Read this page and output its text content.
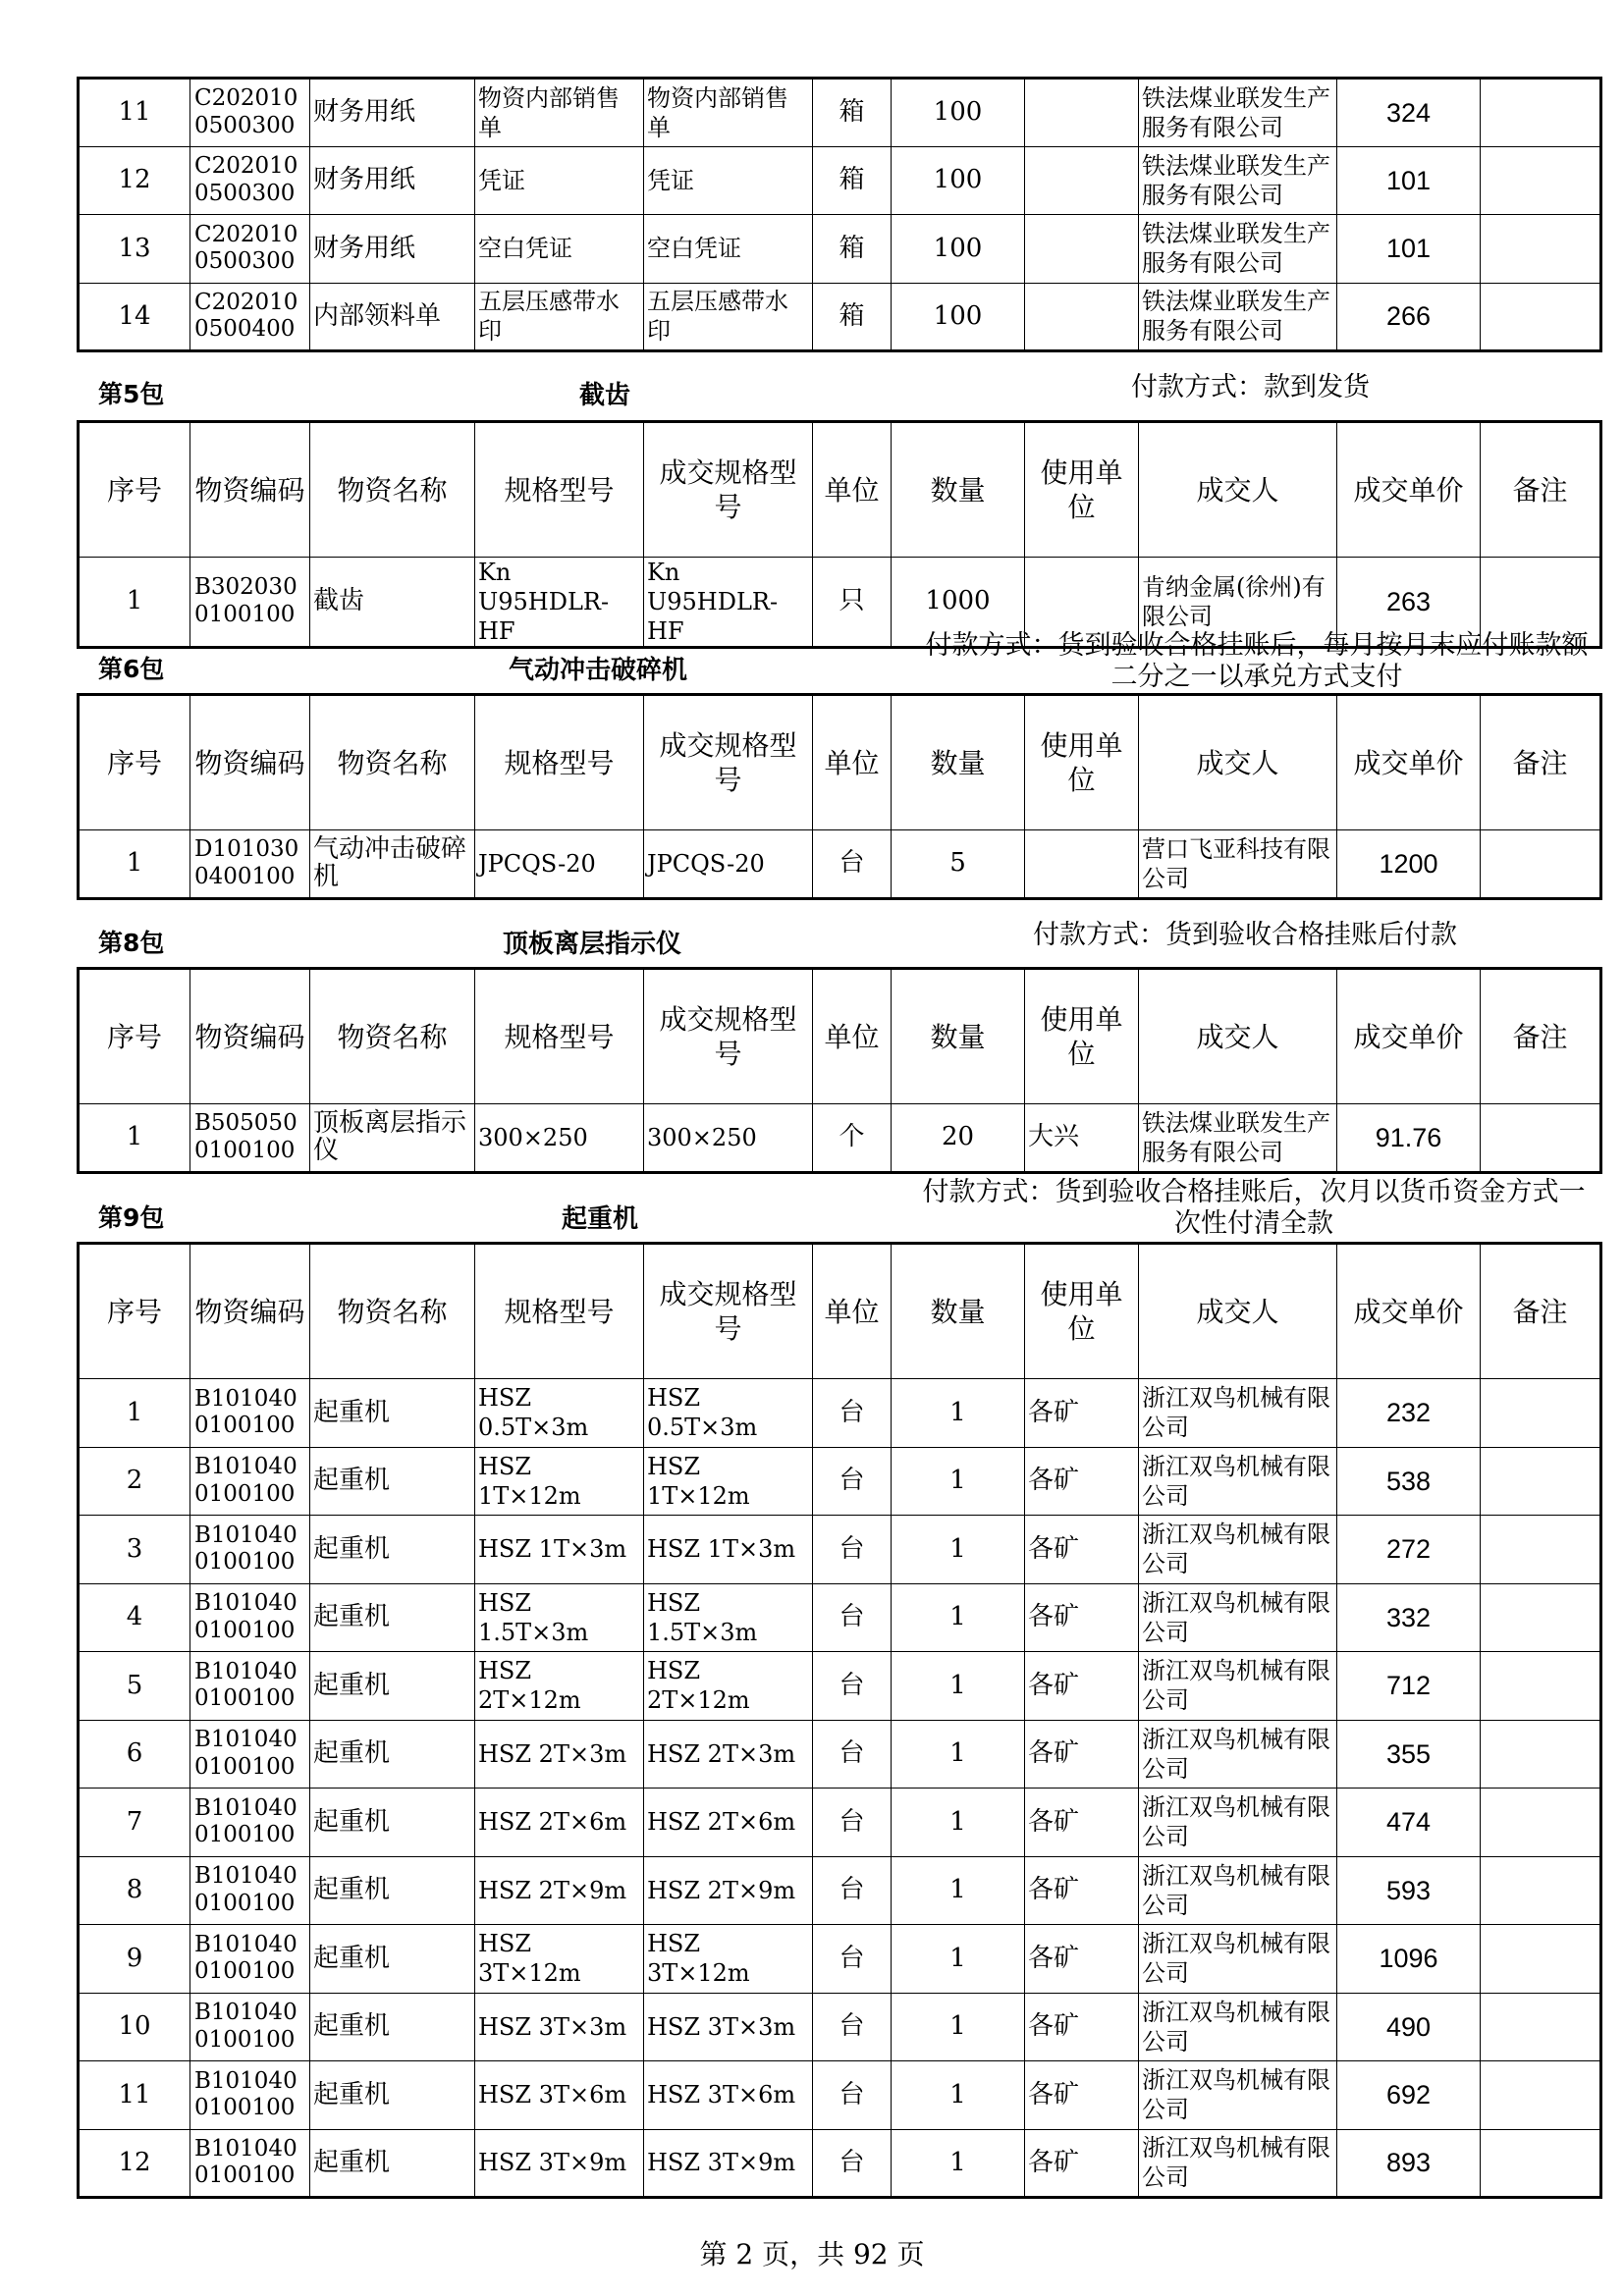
11	C202010 0500300	财务用纸	物资内部销售单	物资内部销售单	箱	100		铁法煤业联发生产服务有限公司	324	
12	C202010 0500300	财务用纸	凭证	凭证	箱	100		铁法煤业联发生产服务有限公司	101	
13	C202010 0500300	财务用纸	空白凭证	空白凭证	箱	100		铁法煤业联发生产服务有限公司	101	
14	C202010 0500400	内部领料单	五层压感带水印	五层压感带水印	箱	100		铁法煤业联发生产服务有限公司	266	
第5包	截齿	付款方式：款到发货
序号	物资编码	物资名称	规格型号	成交规格型号	单位	数量	使用单位	成交人	成交单价	备注
1	B302030 0100100	截齿	Kn U95HDLR-HF	Kn U95HDLR-HF	只	1000		肯纳金属(徐州)有限公司	263	
第6包	气动冲击破碎机
付款方式：货到验收合格挂账后，每月按月末应付账款额
二分之一以承兑方式支付
序号	物资编码	物资名称	规格型号	成交规格型号	单位	数量	使用单位	成交人	成交单价	备注
1	D101030 0400100	气动冲击破碎机	JPCQS-20	JPCQS-20	台	5		营口飞亚科技有限公司	1200	
第8包	顶板离层指示仪	付款方式：货到验收合格挂账后付款
序号	物资编码	物资名称	规格型号	成交规格型号	单位	数量	使用单位	成交人	成交单价	备注
1	B505050 0100100	顶板离层指示仪	300×250	300×250	个	20	大兴	铁法煤业联发生产服务有限公司	91.76	
第9包	起重机
付款方式：货到验收合格挂账后，次月以货币资金方式一
次性付清全款
序号	物资编码	物资名称	规格型号	成交规格型号	单位	数量	使用单位	成交人	成交单价	备注
1	B101040 0100100	起重机	HSZ 0.5T×3m	HSZ 0.5T×3m	台	1	各矿	浙江双鸟机械有限公司	232	
2	B101040 0100100	起重机	HSZ 1T×12m	HSZ 1T×12m	台	1	各矿	浙江双鸟机械有限公司	538	
3	B101040 0100100	起重机	HSZ 1T×3m	HSZ 1T×3m	台	1	各矿	浙江双鸟机械有限公司	272	
4	B101040 0100100	起重机	HSZ 1.5T×3m	HSZ 1.5T×3m	台	1	各矿	浙江双鸟机械有限公司	332	
5	B101040 0100100	起重机	HSZ 2T×12m	HSZ 2T×12m	台	1	各矿	浙江双鸟机械有限公司	712	
6	B101040 0100100	起重机	HSZ 2T×3m	HSZ 2T×3m	台	1	各矿	浙江双鸟机械有限公司	355	
7	B101040 0100100	起重机	HSZ 2T×6m	HSZ 2T×6m	台	1	各矿	浙江双鸟机械有限公司	474	
8	B101040 0100100	起重机	HSZ 2T×9m	HSZ 2T×9m	台	1	各矿	浙江双鸟机械有限公司	593	
9	B101040 0100100	起重机	HSZ 3T×12m	HSZ 3T×12m	台	1	各矿	浙江双鸟机械有限公司	1096	
10	B101040 0100100	起重机	HSZ 3T×3m	HSZ 3T×3m	台	1	各矿	浙江双鸟机械有限公司	490	
11	B101040 0100100	起重机	HSZ 3T×6m	HSZ 3T×6m	台	1	各矿	浙江双鸟机械有限公司	692	
12	B101040 0100100	起重机	HSZ 3T×9m	HSZ 3T×9m	台	1	各矿	浙江双鸟机械有限公司	893	
第 2 页，共 92 页
